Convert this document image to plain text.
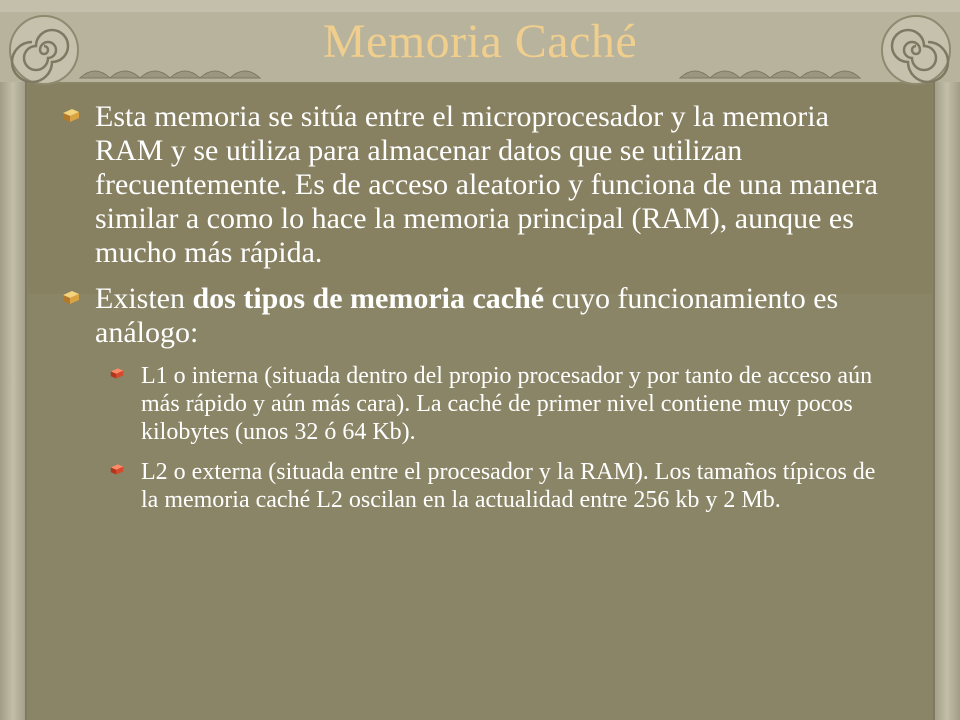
Memoria Caché
Esta memoria se sitúa entre el microprocesador y la memoria RAM y se utiliza para almacenar datos que se utilizan frecuentemente. Es de acceso aleatorio y funciona de una manera similar a como lo hace la memoria principal (RAM), aunque es mucho más rápida.
Existen dos tipos de memoria caché cuyo funcionamiento es análogo:
L1 o interna (situada dentro del propio procesador y por tanto de acceso aún más rápido y aún más cara). La caché de primer nivel contiene muy pocos kilobytes (unos 32 ó 64 Kb).
L2 o externa (situada entre el procesador y la RAM). Los tamaños típicos de la memoria caché L2 oscilan en la actualidad entre 256 kb y 2 Mb.
